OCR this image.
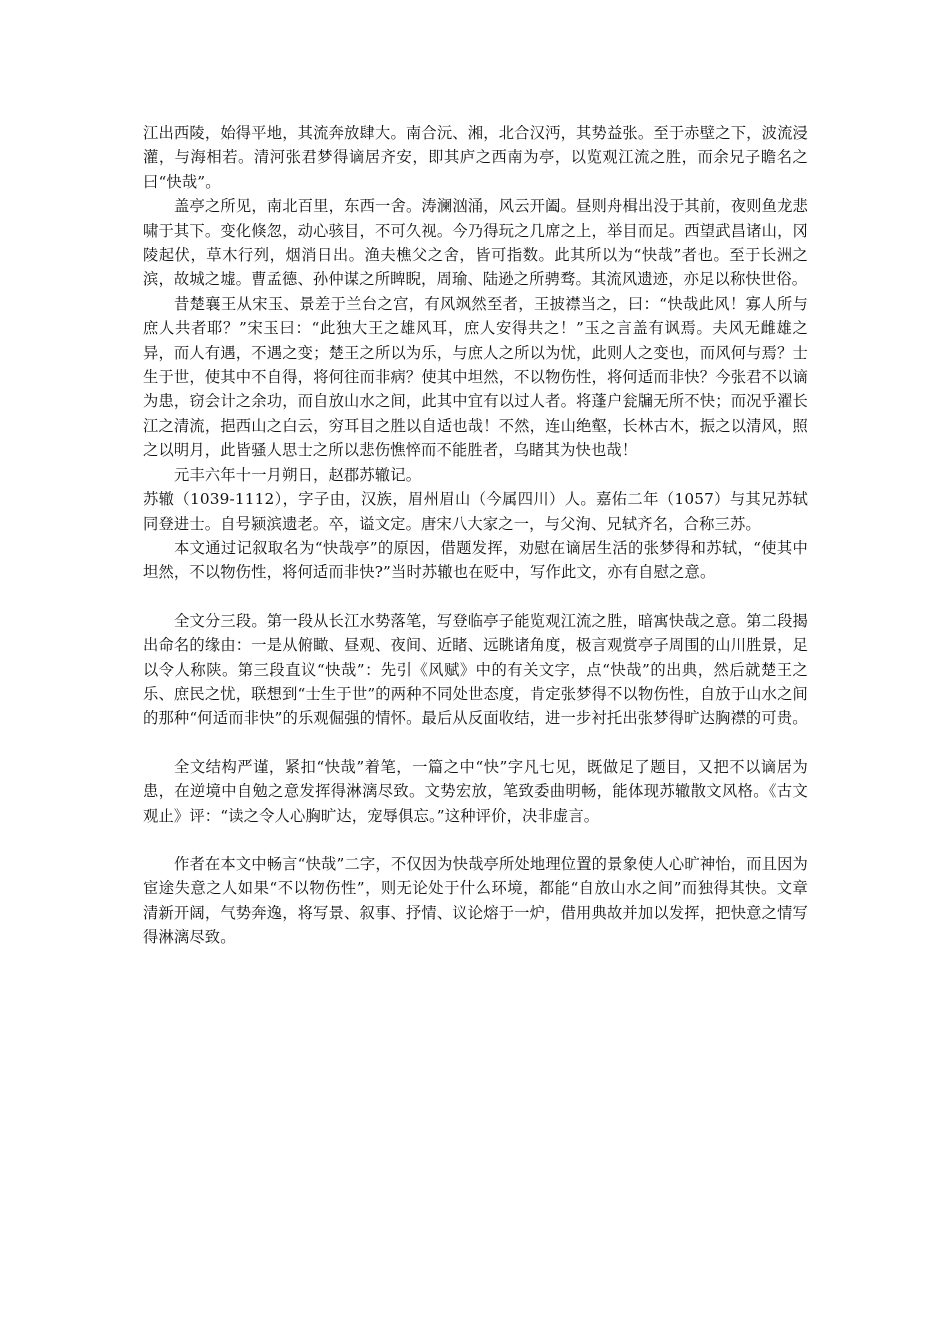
江出西陵，始得平地，其流奔放肆大。南合沅、湘，北合汉沔，其势益张。至于赤壁之下，波流浸灌，与海相若。清河张君梦得谪居齐安，即其庐之西南为亭，以览观江流之胜，而余兄子瞻名之曰“快哉”。

盖亭之所见，南北百里，东西一舍。涛澜汹涌，风云开阖。昼则舟楫出没于其前，夜则鱼龙悲啸于其下。变化倏忽，动心骇目，不可久视。今乃得玩之几席之上，举目而足。西望武昌诸山，冈陵起伏，草木行列，烟消日出。渔夫樵父之舍，皆可指数。此其所以为“快哉”者也。至于长洲之滨，故城之墟。曹孟德、孙仲谋之所睥睨，周瑜、陆逊之所骋骛。其流风遗迹，亦足以称快世俗。

昔楚襄王从宋玉、景差于兰台之宫，有风飒然至者，王披襟当之，曰：“快哉此风！寡人所与庶人共者耶？”宋玉曰：“此独大王之雄风耳，庶人安得共之！”玉之言盖有讽焉。夫风无雌雄之异，而人有遇，不遇之变；楚王之所以为乐，与庶人之所以为忧，此则人之变也，而风何与焉？士生于世，使其中不自得，将何往而非病？使其中坦然，不以物伤性，将何适而非快？今张君不以谪为患，窃会计之余功，而自放山水之间，此其中宜有以过人者。将蓬户瓮牖无所不快；而况乎濯长江之清流，挹西山之白云，穷耳目之胜以自适也哉！不然，连山绝壑，长林古木，振之以清风，照之以明月，此皆骚人思士之所以悲伤憔悴而不能胜者，乌睹其为快也哉！

元丰六年十一月朔日，赵郡苏辙记。

苏辙（1039-1112），字子由，汉族，眉州眉山（今属四川）人。嘉佑二年（1057）与其兄苏轼同登进士。自号颍滨遗老。卒，谥文定。唐宋八大家之一，与父洵、兄轼齐名，合称三苏。

本文通过记叙取名为“快哉亭”的原因，借题发挥，劝慰在谪居生活的张梦得和苏轼，“使其中坦然，不以物伤性，将何适而非快?”当时苏辙也在贬中，写作此文，亦有自慰之意。

全文分三段。第一段从长江水势落笔，写登临亭子能览观江流之胜，暗寓快哉之意。第二段揭出命名的缘由：一是从俯瞰、昼观、夜间、近睹、远眺诸角度，极言观赏亭子周围的山川胜景，足以令人称陕。第三段直议“快哉”：先引《风赋》中的有关文字，点“快哉”的出典，然后就楚王之乐、庶民之忧，联想到“士生于世”的两种不同处世态度，肯定张梦得不以物伤性，自放于山水之间的那种“何适而非快”的乐观倔强的情怀。最后从反面收结，进一步衬托出张梦得旷达胸襟的可贵。

全文结构严谨，紧扣“快哉”着笔，一篇之中“快”字凡七见，既做足了题目，又把不以谪居为患，在逆境中自勉之意发挥得淋漓尽致。文势宏放，笔致委曲明畅，能体现苏辙散文风格。《古文观止》评：“读之令人心胸旷达，宠辱俱忘。”这种评价，决非虚言。

作者在本文中畅言“快哉”二字，不仅因为快哉亭所处地理位置的景象使人心旷神怡，而且因为宦途失意之人如果“不以物伤性”，则无论处于什么环境，都能“自放山水之间”而独得其快。文章清新开阔，气势奔逸，将写景、叙事、抒情、议论熔于一炉，借用典故并加以发挥，把快意之情写得淋漓尽致。
